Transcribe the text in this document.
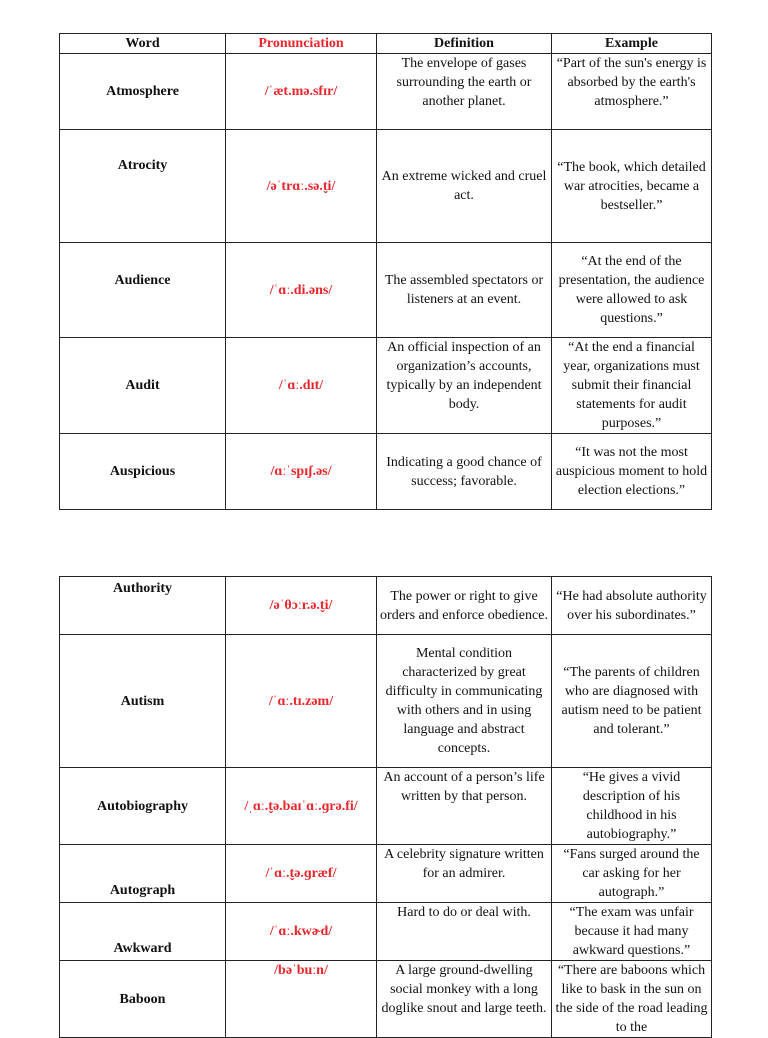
Word	Pronunciation	Definition	Example
Atmosphere	/ˈæt.mə.sfɪr/	The envelope of gases surrounding the earth or another planet.	“Part of the sun's energy is absorbed by the earth's atmosphere.”
Atrocity	/əˈtrɑː.sə.t̬i/	An extreme wicked and cruel act.	“The book, which detailed war atrocities, became a bestseller.”
Audience	/ˈɑː.di.əns/	The assembled spectators or listeners at an event.	“At the end of the presentation, the audience were allowed to ask questions.”
Audit	/ˈɑː.dɪt/	An official inspection of an organization’s accounts, typically by an independent body.	“At the end a financial year, organizations must submit their financial statements for audit purposes.”
Auspicious	/ɑːˈspɪʃ.əs/	Indicating a good chance of success; favorable.	“It was not the most auspicious moment to hold election elections.”
Authority	/əˈθɔːr.ə.t̬i/	The power or right to give orders and enforce obedience.	“He had absolute authority over his subordinates.”
Autism	/ˈɑː.tɪ.zəm/	Mental condition characterized by great difficulty in communicating with others and in using language and abstract concepts.	“The parents of children who are diagnosed with autism need to be patient and tolerant.”
Autobiography	/ˌɑː.t̬ə.baɪˈɑː.ɡrə.fi/	An account of a person’s life written by that person.	“He gives a vivid description of his childhood in his autobiography.”
Autograph	/ˈɑː.t̬ə.ɡræf/	A celebrity signature written for an admirer.	“Fans surged around the car asking for her autograph.”
Awkward	/ˈɑː.kwɚd/	Hard to do or deal with.	“The exam was unfair because it had many awkward questions.”
Baboon	/bəˈbuːn/	A large ground-dwelling social monkey with a long doglike snout and large teeth.	“There are baboons which like to bask in the sun on the side of the road leading to the
